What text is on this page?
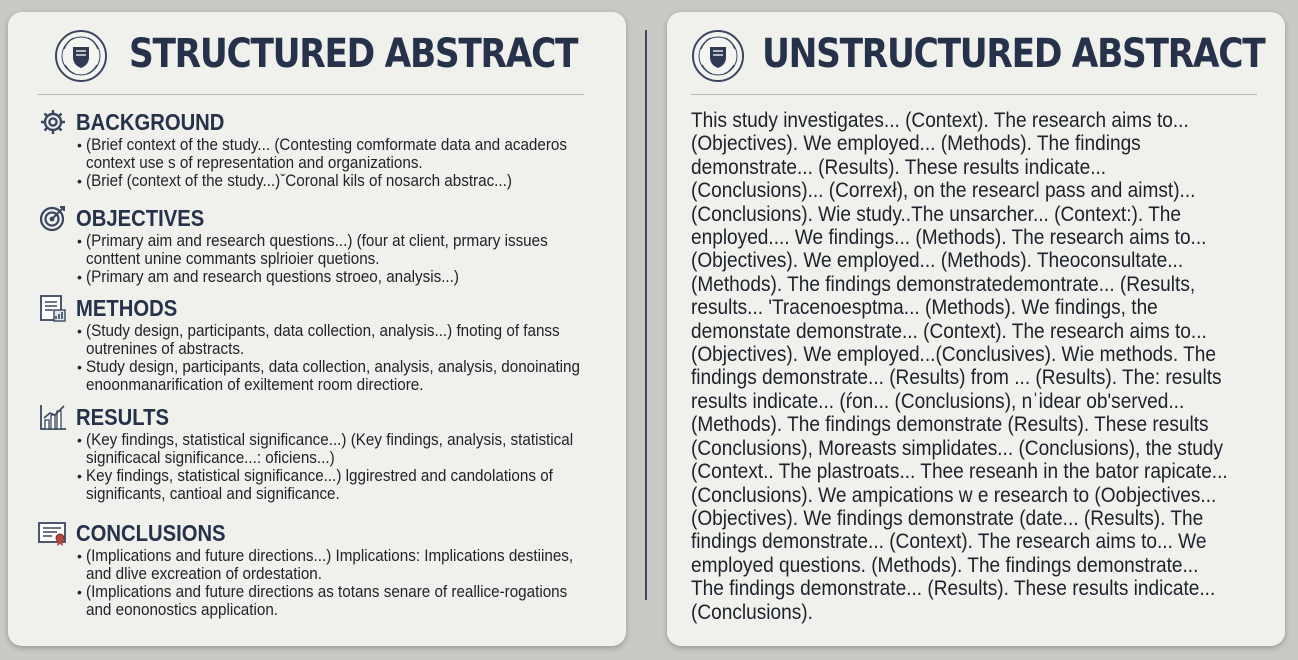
STRUCTURED ABSTRACT
BACKGROUND
• (Brief context of the study... (Contesting comformate data and acaderos
context use s of representation and organizations.
• (Brief (context of the study...)ˇCoronal kils of nosarch abstrac...)
OBJECTIVES
• (Primary aim and research questions...) (four at client, prmary issues
conttent unine commants splrioier quetions.
• (Primary am and research questions stroeo, analysis...)
METHODS
• (Study design, participants, data collection, analysis...) fnoting of fanss
outrenines of abstracts.
• Study design, participants, data collection, analysis, analysis, donoinating
enoonmanarification of exiltement room directiore.
RESULTS
• (Key findings, statistical significance...) (Key findings, analysis, statistical
significacal significance...: oficiens...)
• Key findings, statistical significance...) lggirestred and candolations of
significants, cantioal and significance.
CONCLUSIONS
• (Implications and future directions...) Implications: Implications destiines,
and dlive excreation of ordestation.
• (Implications and future directions as totans senare of reallice-rogations
and eononostics application.
UNSTRUCTURED ABSTRACT
This study investigates... (Context). The research aims to...
(Objectives). We employed... (Methods). The findings
demonstrate... (Results). These results indicate...
(Conclusions)... (Correxł), on the researcl pass and aimst)...
(Conclusions). Wie study..The unsarcher... (Context:). The
enployed.... We findings... (Methods). The research aims to...
(Objectives). We employed... (Methods). Theoconsultate...
(Methods). The findings demonstratedemontrate... (Results,
results... 'Tracenoesptma... (Methods). We findings, the
demonstate demonstrate... (Context). The research aims to...
(Objectives). We employed...(Conclusives). Wie methods. The
findings demonstrate... (Results) from ... (Results). The: results
results indicate... (ŕon... (Conclusions), nˈidear ob'served...
(Methods). The findings demonstrate (Results). These results
(Conclusions), Moreasts simplidates... (Conclusions), the study
(Context.. The plastroats... Thee reseanh in the bator rapicate...
(Conclusions). We ampications w e research to (Oobjectives...
(Objectives). We findings demonstrate (date... (Results). The
findings demonstrate... (Context). The research aims to... We
employed questions. (Methods). The findings demonstrate...
The findings demonstrate... (Results). These results indicate...
(Conclusions).
